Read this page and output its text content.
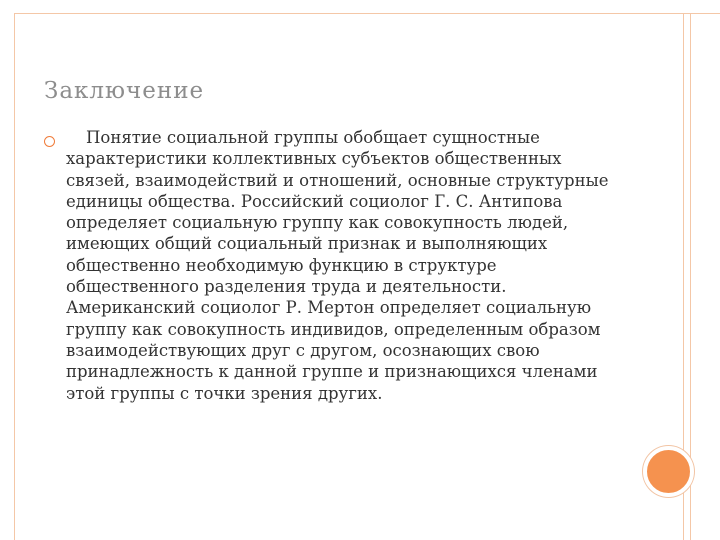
Заключение
Понятие социальной группы обобщает сущностные характеристики коллективных субъектов общественных связей, взаимодействий и отношений, основные структурные единицы общества. Российский социолог Г. С. Антипова определяет социальную группу как совокупность людей, имеющих общий социальный признак и выполняющих общественно необходимую функцию в структуре общественного разделения труда и деятельности. Американский социолог Р. Мертон определяет социальную группу как совокупность индивидов, определенным образом взаимодействующих друг с другом, осознающих свою принадлежность к данной группе и признающихся членами этой группы с точки зрения других.
